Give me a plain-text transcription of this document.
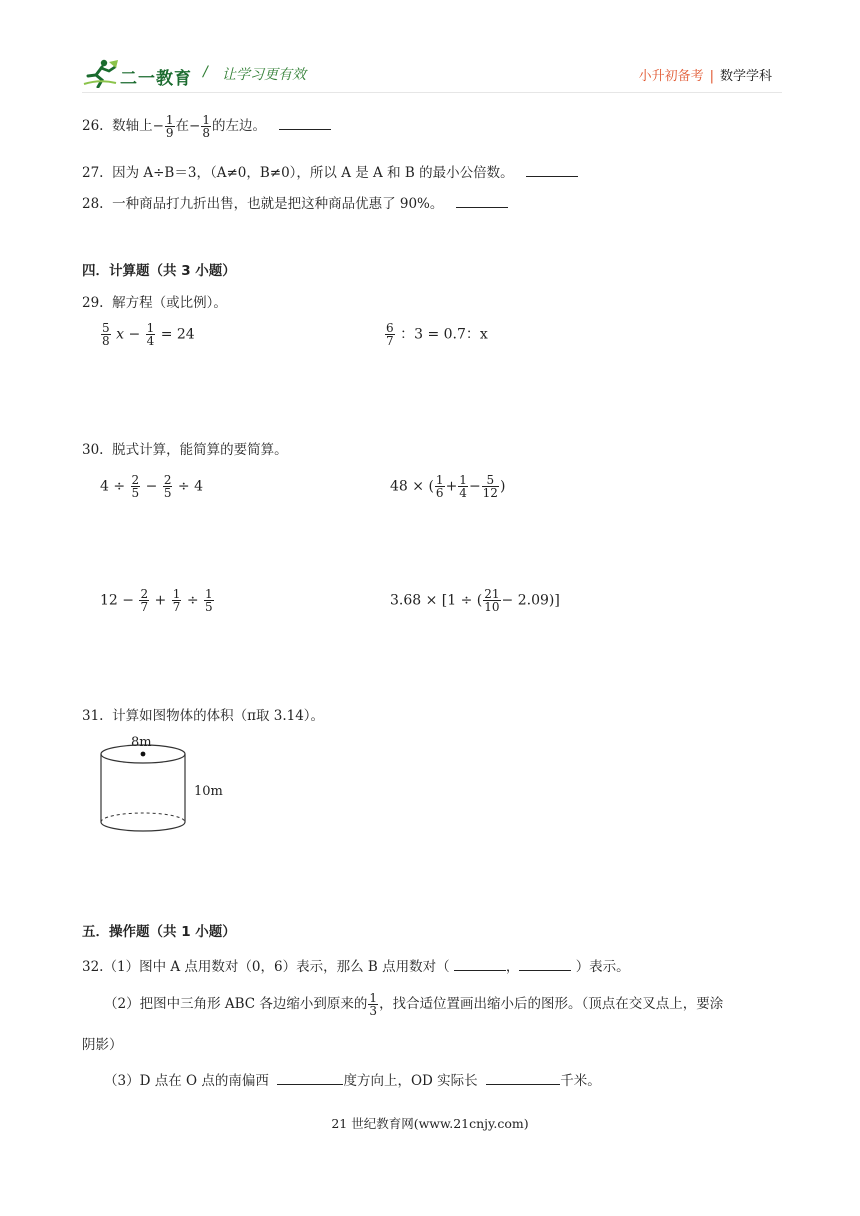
二一教育 / 让学习更有效	小升初备考 | 数学学科
26. 数轴上− $\frac{1}{9}$ 在− $\frac{1}{8}$ 的左边。
27. 因为 A÷B＝3，（A≠0，B≠0），所以 A 是 A 和 B 的最小公倍数。
28. 一种商品打九折出售，也就是把这种商品优惠了 90%。
四．计算题（共 3 小题）
29. 解方程（或比例）。
$\frac{5}{8}$ $x - \frac{1}{4} = 24$	$\frac{6}{7}$ ：3 = 0.7：x
30. 脱式计算，能简算的要简算。
$4 \div \frac{2}{5} - \frac{2}{5} \div 4$	48 × ( $\frac{1}{6} + \frac{1}{4} - \frac{5}{12}$ )
$12 - \frac{2}{7} + \frac{1}{7} \div \frac{1}{5}$	3.68 × [1 ÷ ( $\frac{21}{10} - 2.09$)]
31. 计算如图物体的体积（π取 3.14）。
8m
10m
五．操作题（共 1 小题）
32.（1）图中 A 点用数对（0，6）表示，那么 B 点用数对（	，	）表示。
（2）把图中三角形 ABC 各边缩小到原来的 $\frac{1}{3}$ ，找合适位置画出缩小后的图形。（顶点在交叉点上，要涂
阴影）
（3）D 点在 O 点的南偏西	度方向上，OD 实际长	千米。
21 世纪教育网(www.21cnjy.com)
